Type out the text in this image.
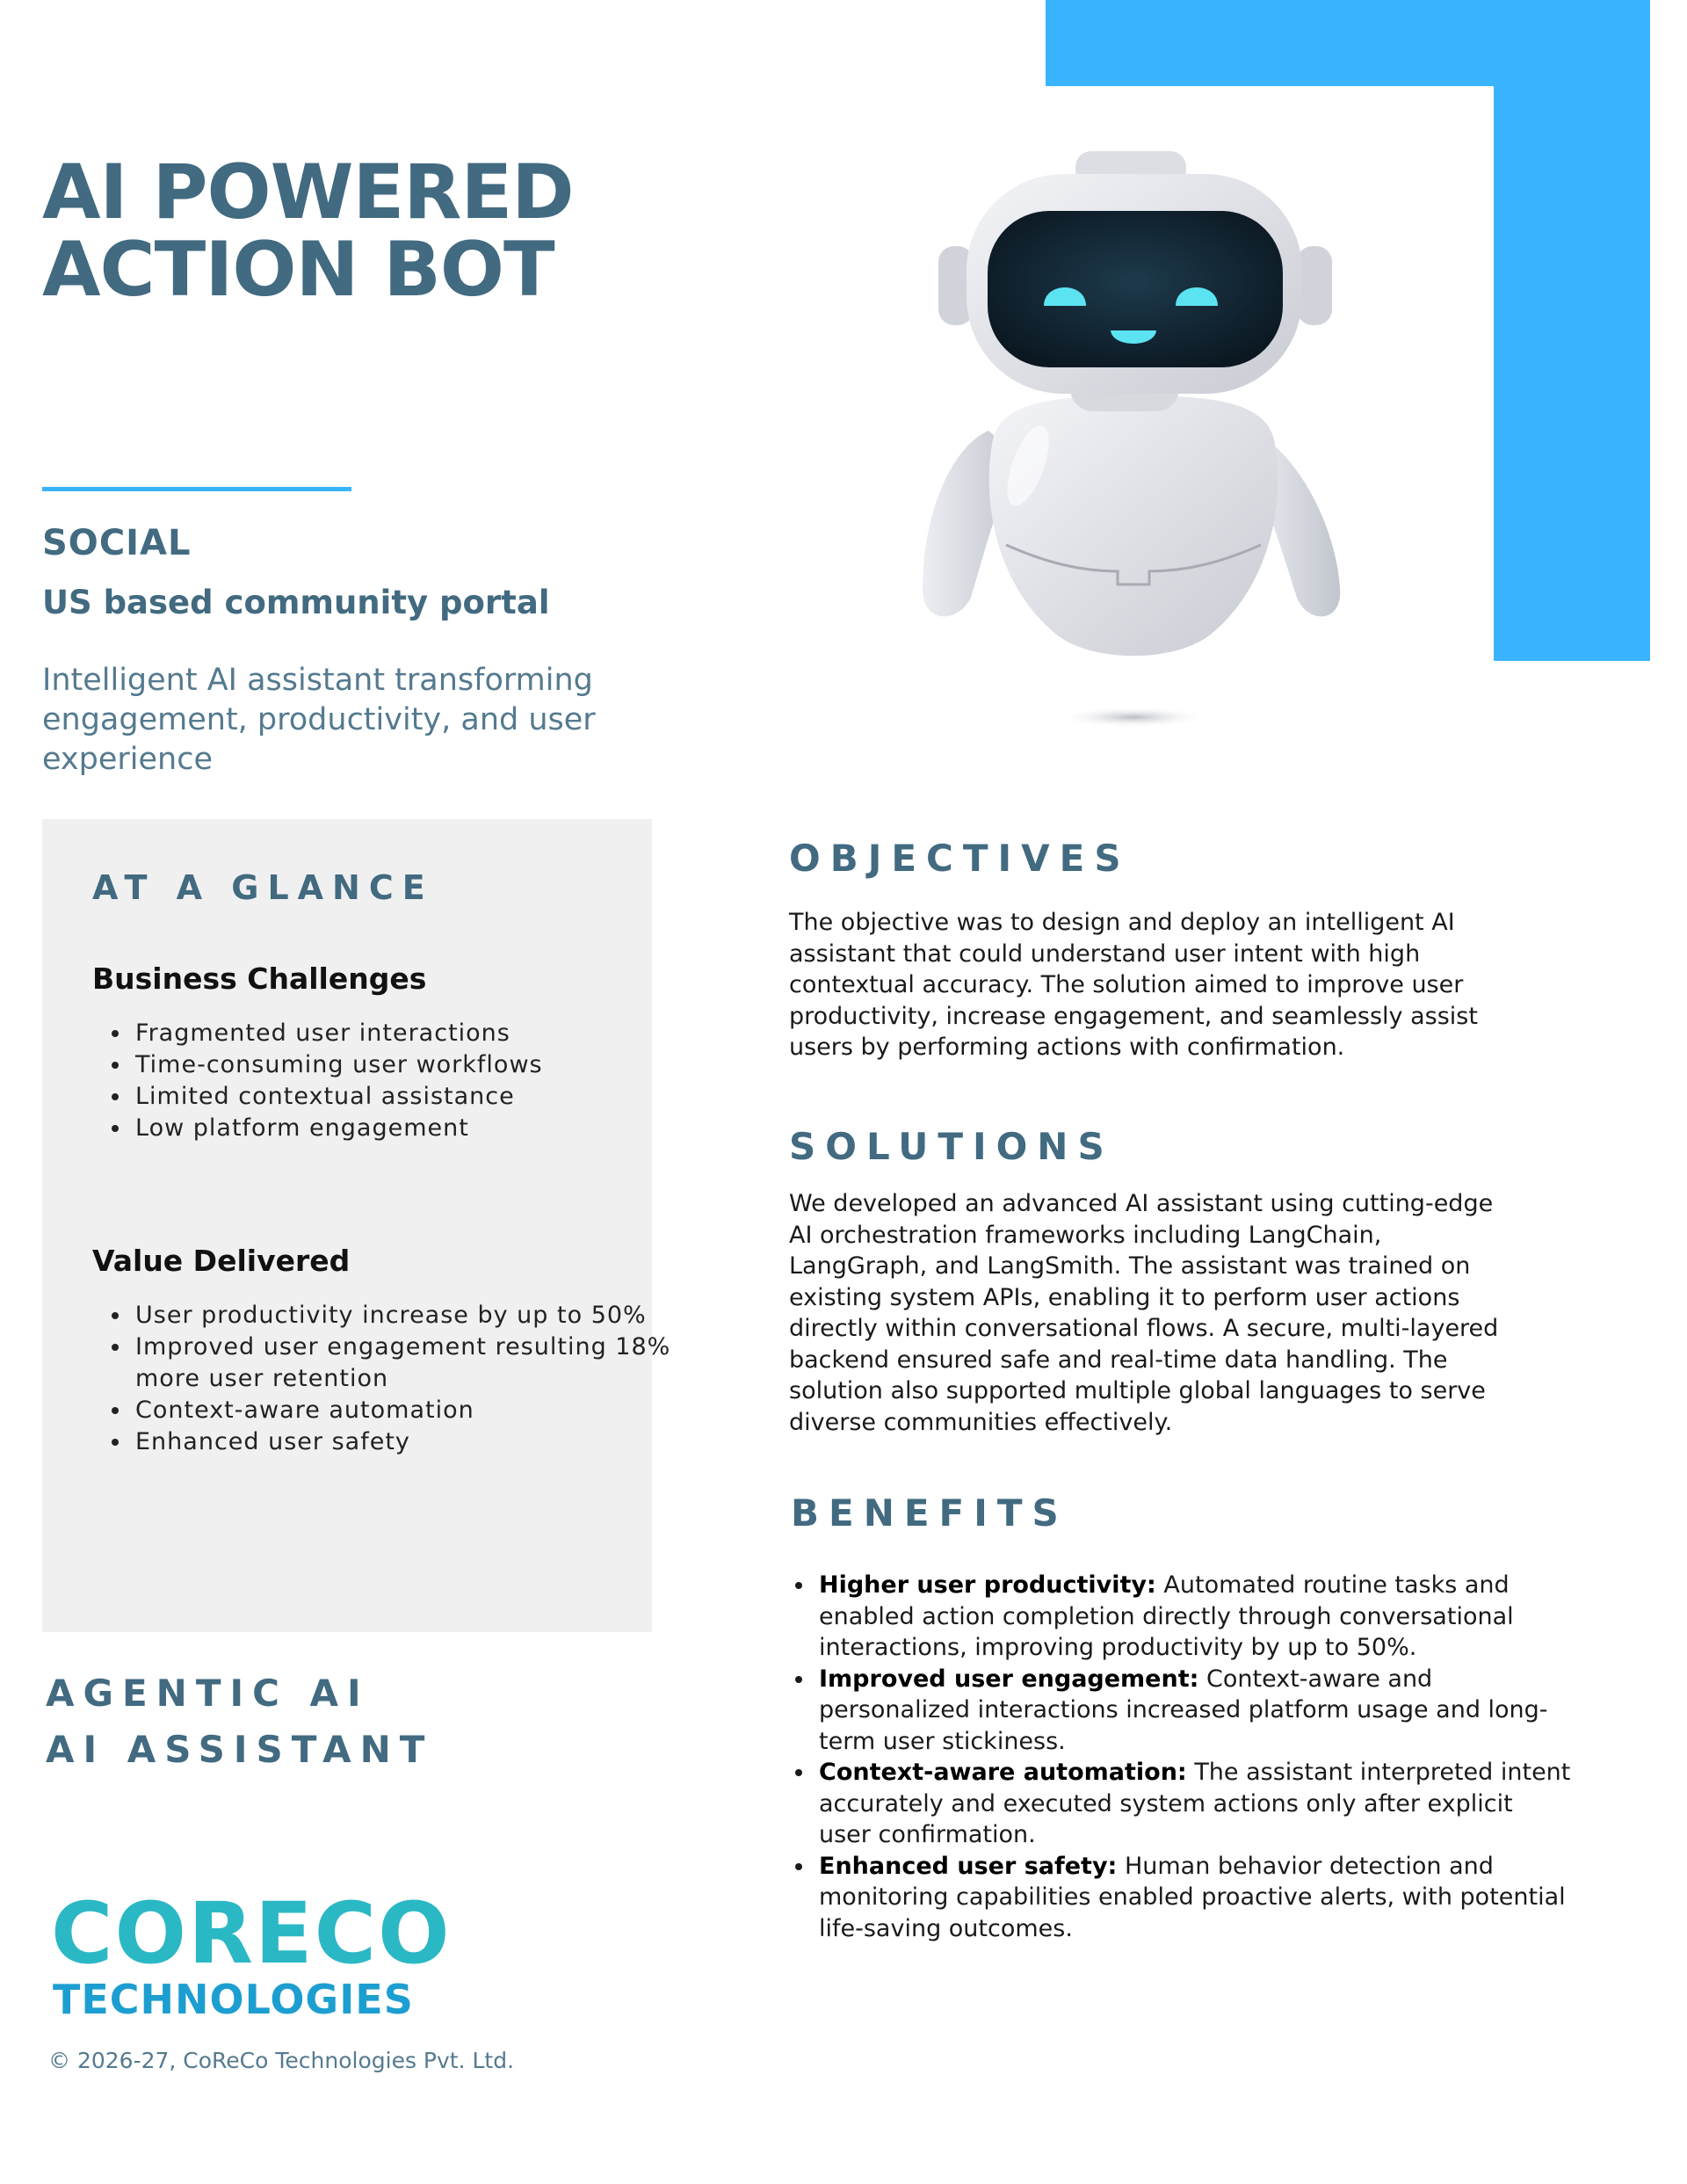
AI POWERED
ACTION BOT
SOCIAL
US based community portal
Intelligent AI assistant transforming engagement, productivity, and user experience
AT A GLANCE
Business Challenges
• Fragmented user interactions
• Time-consuming user workflows
• Limited contextual assistance
• Low platform engagement
Value Delivered
• User productivity increase by up to 50%
• Improved user engagement resulting 18% more user retention
• Context-aware automation
• Enhanced user safety
OBJECTIVES
The objective was to design and deploy an intelligent AI assistant that could understand user intent with high contextual accuracy. The solution aimed to improve user productivity, increase engagement, and seamlessly assist users by performing actions with confirmation.
SOLUTIONS
We developed an advanced AI assistant using cutting-edge AI orchestration frameworks including LangChain, LangGraph, and LangSmith. The assistant was trained on existing system APIs, enabling it to perform user actions directly within conversational flows. A secure, multi-layered backend ensured safe and real-time data handling. The solution also supported multiple global languages to serve diverse communities effectively.
BENEFITS
• Higher user productivity: Automated routine tasks and enabled action completion directly through conversational interactions, improving productivity by up to 50%.
• Improved user engagement: Context-aware and personalized interactions increased platform usage and long-term user stickiness.
• Context-aware automation: The assistant interpreted intent accurately and executed system actions only after explicit user confirmation.
• Enhanced user safety: Human behavior detection and monitoring capabilities enabled proactive alerts, with potential life-saving outcomes.
AGENTIC AI
AI ASSISTANT
CORECO
TECHNOLOGIES
© 2026-27, CoReCo Technologies Pvt. Ltd.
